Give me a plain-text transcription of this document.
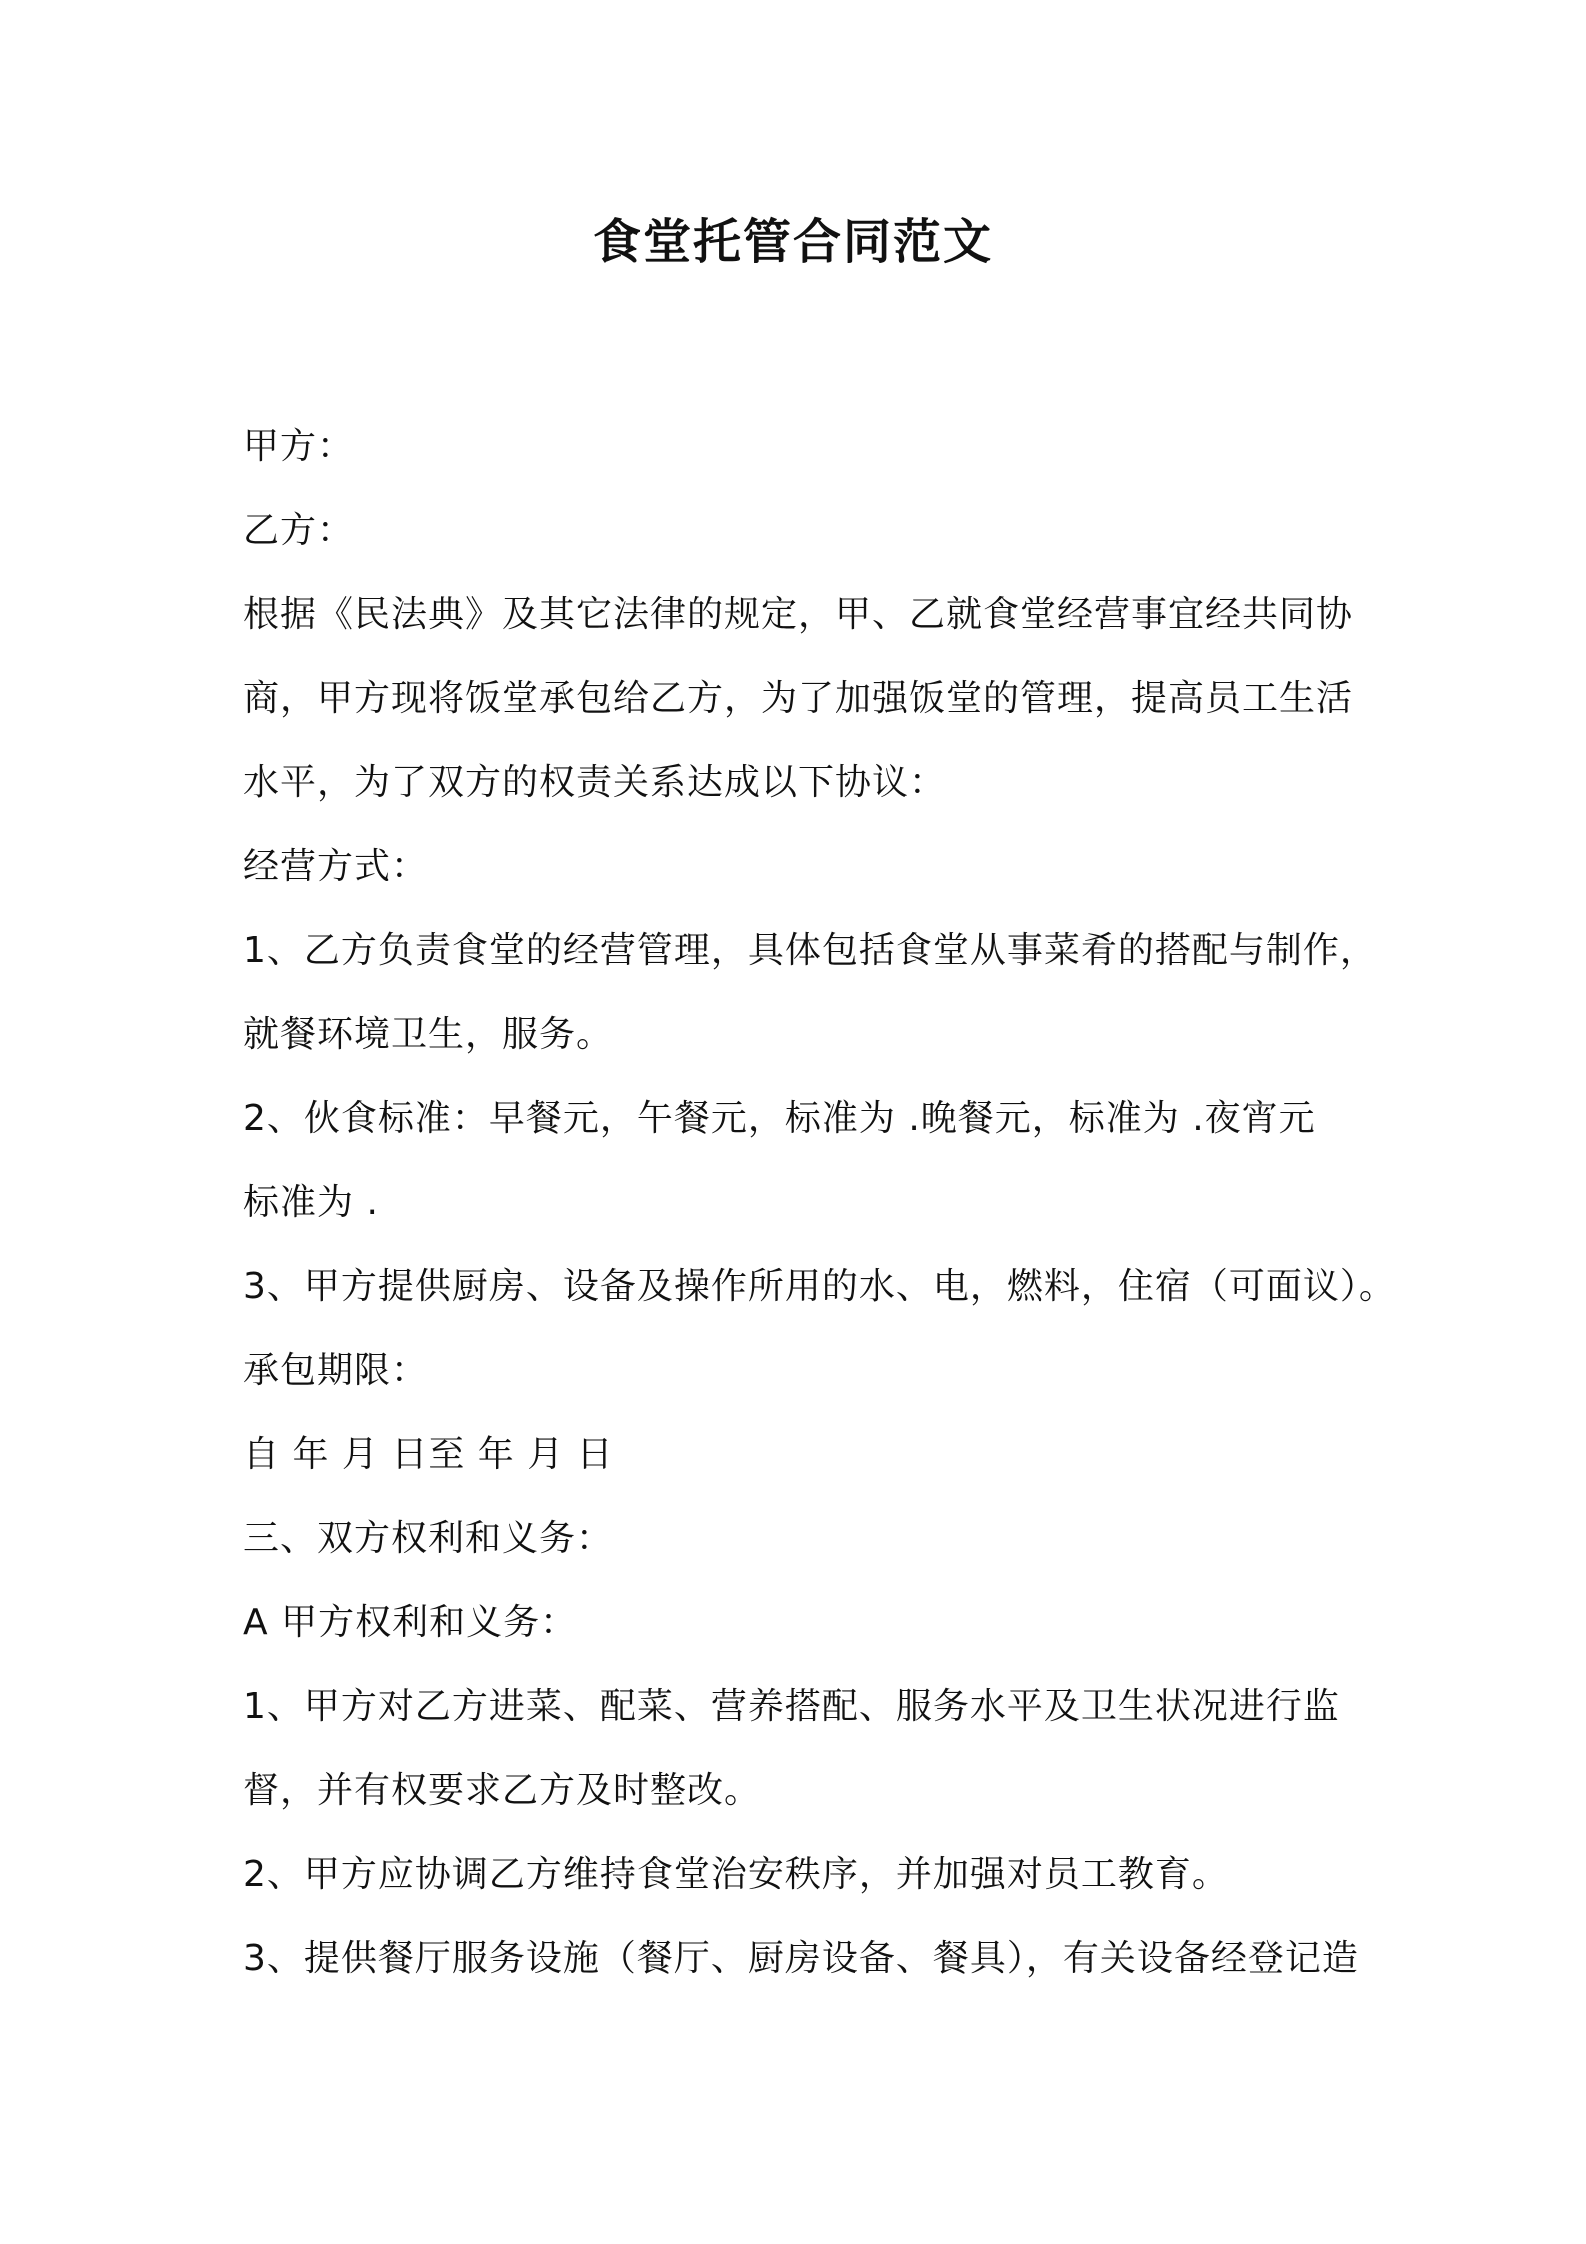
食堂托管合同范文
甲方：
乙方：
根据《民法典》及其它法律的规定，甲、乙就食堂经营事宜经共同协
商，甲方现将饭堂承包给乙方，为了加强饭堂的管理，提高员工生活
水平，为了双方的权责关系达成以下协议：
经营方式：
1、乙方负责食堂的经营管理，具体包括食堂从事菜肴的搭配与制作，
就餐环境卫生，服务。
2、伙食标准：早餐元，午餐元，标准为 .晚餐元，标准为 .夜宵元
标准为 .
3、甲方提供厨房、设备及操作所用的水、电，燃料，住宿（可面议）。
承包期限：
自 年 月 日至 年 月 日
三、双方权利和义务：
A 甲方权利和义务：
1、甲方对乙方进菜、配菜、营养搭配、服务水平及卫生状况进行监
督，并有权要求乙方及时整改。
2、甲方应协调乙方维持食堂治安秩序，并加强对员工教育。
3、提供餐厅服务设施（餐厅、厨房设备、餐具），有关设备经登记造
